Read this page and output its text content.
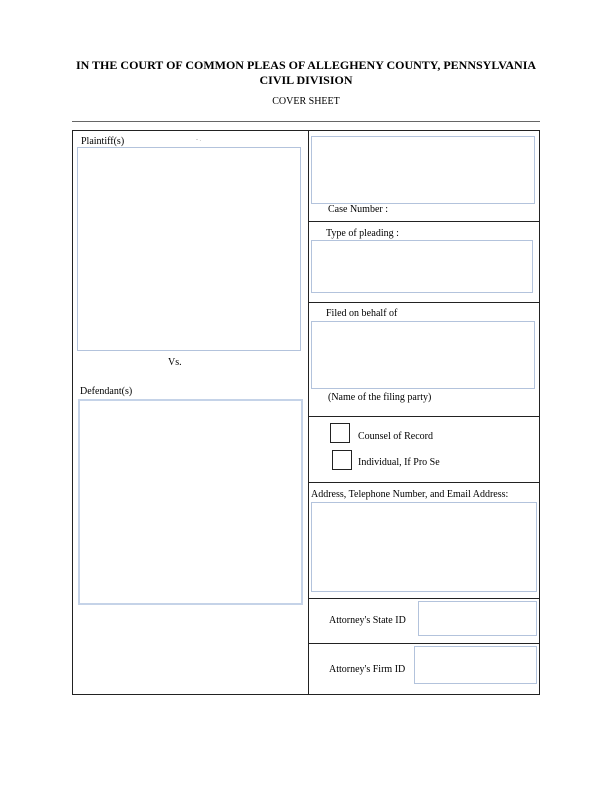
IN THE COURT OF COMMON PLEAS OF ALLEGHENY COUNTY, PENNSYLVANIA
CIVIL DIVISION
COVER SHEET
Plaintiff(s)	- .
Vs.
Defendant(s)
Case Number :
Type of pleading :
Filed on behalf of
(Name of the filing party)
Counsel of Record
Individual, If Pro Se
Address, Telephone Number, and Email Address:
Attorney's State ID
Attorney's Firm ID
